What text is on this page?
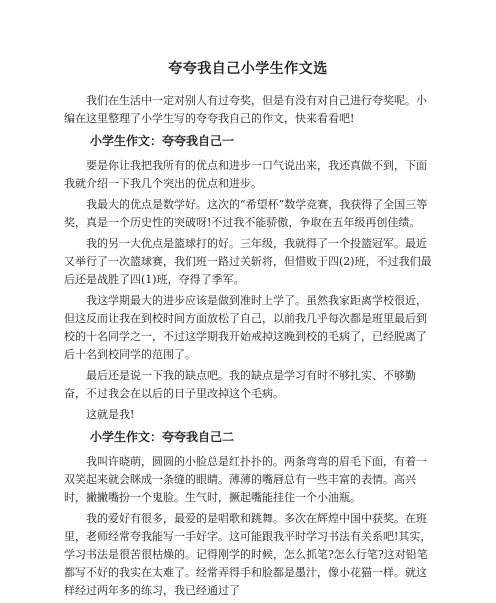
夸夸我自己小学生作文选

我们在生活中一定对别人有过夸奖，但是有没有对自己进行夸奖呢。小编在这里整理了小学生写的夸夸我自己的作文，快来看看吧!

小学生作文：夸夸我自己一

要是你让我把我所有的优点和进步一口气说出来，我还真做不到，下面我就介绍一下我几个突出的优点和进步。

我最大的优点是数学好。这次的“希望杯”数学竞赛，我获得了全国三等奖，真是一个历史性的突破呀!不过我不能骄傲，争取在五年级再创佳绩。

我的另一大优点是篮球打的好。三年级，我就得了一个投篮冠军。最近又举行了一次篮球赛，我们班一路过关斩将，但惜败于四(2)班，不过我们最后还是战胜了四(1)班，夺得了季军。

我这学期最大的进步应该是做到准时上学了。虽然我家距离学校很近，但这反而让我在到校时间方面放松了自己，以前我几乎每次都是班里最后到校的十名同学之一，不过这学期我开始戒掉这晚到校的毛病了，已经脱离了后十名到校同学的范围了。

最后还是说一下我的缺点吧。我的缺点是学习有时不够扎实、不够勤奋，不过我会在以后的日子里改掉这个毛病。

这就是我!

小学生作文：夸夸我自己二

我叫许晓萌，圆圆的小脸总是红扑扑的。两条弯弯的眉毛下面，有着一双笑起来就会眯成一条缝的眼睛。薄薄的嘴唇总有一些丰富的表情。高兴时，撇撇嘴扮一个鬼脸。生气时，撅起嘴能挂住一个小油瓶。

我的爱好有很多，最爱的是唱歌和跳舞。多次在辉煌中国中获奖。在班里，老师经常夸我能写一手好字。这可能跟我平时学习书法有关系吧!其实，学习书法是很苦很枯燥的。记得刚学的时候，怎么抓笔?怎么行笔?这对铅笔都写不好的我实在太难了。经常弄得手和脸都是墨汁，像小花猫一样。就这样经过两年多的练习，我已经通过了
